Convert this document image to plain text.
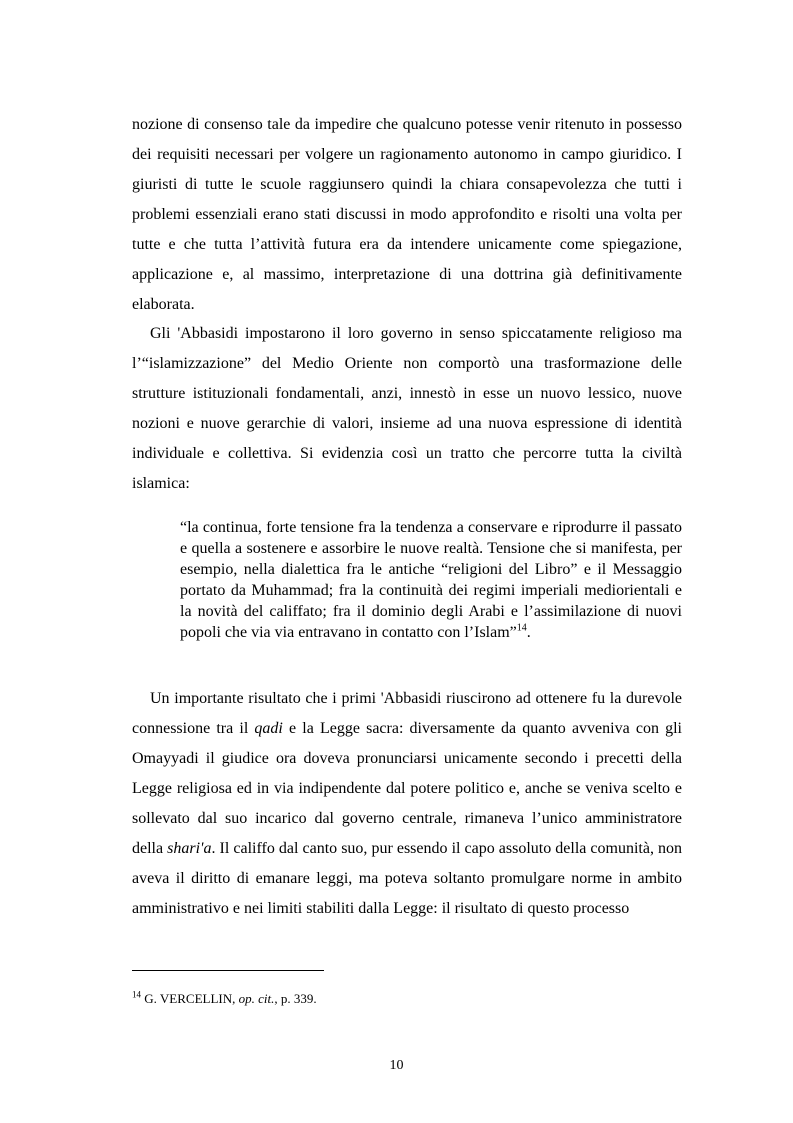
nozione di consenso tale da impedire che qualcuno potesse venir ritenuto in possesso dei requisiti necessari per volgere un ragionamento autonomo in campo giuridico. I giuristi di tutte le scuole raggiunsero quindi la chiara consapevolezza che tutti i problemi essenziali erano stati discussi in modo approfondito e risolti una volta per tutte e che tutta l’attività futura era da intendere unicamente come spiegazione, applicazione e, al massimo, interpretazione di una dottrina già definitivamente elaborata.

Gli 'Abbasidi impostarono il loro governo in senso spiccatamente religioso ma l’“islamizzazione” del Medio Oriente non comportò una trasformazione delle strutture istituzionali fondamentali, anzi, innestò in esse un nuovo lessico, nuove nozioni e nuove gerarchie di valori, insieme ad una nuova espressione di identità individuale e collettiva. Si evidenzia così un tratto che percorre tutta la civiltà islamica:

“la continua, forte tensione fra la tendenza a conservare e riprodurre il passato e quella a sostenere e assorbire le nuove realtà. Tensione che si manifesta, per esempio, nella dialettica fra le antiche “religioni del Libro” e il Messaggio portato da Muhammad; fra la continuità dei regimi imperiali mediorientali e la novità del califfato; fra il dominio degli Arabi e l’assimilazione di nuovi popoli che via via entravano in contatto con l’Islam”$^{14}$.

Un importante risultato che i primi 'Abbasidi riuscirono ad ottenere fu la durevole connessione tra il qadi e la Legge sacra: diversamente da quanto avveniva con gli Omayyadi il giudice ora doveva pronunciarsi unicamente secondo i precetti della Legge religiosa ed in via indipendente dal potere politico e, anche se veniva scelto e sollevato dal suo incarico dal governo centrale, rimaneva l’unico amministratore della shari'a. Il califfo dal canto suo, pur essendo il capo assoluto della comunità, non aveva il diritto di emanare leggi, ma poteva soltanto promulgare norme in ambito amministrativo e nei limiti stabiliti dalla Legge: il risultato di questo processo

$^{14}$ G. VERCELLIN, op. cit., p. 339.

10
